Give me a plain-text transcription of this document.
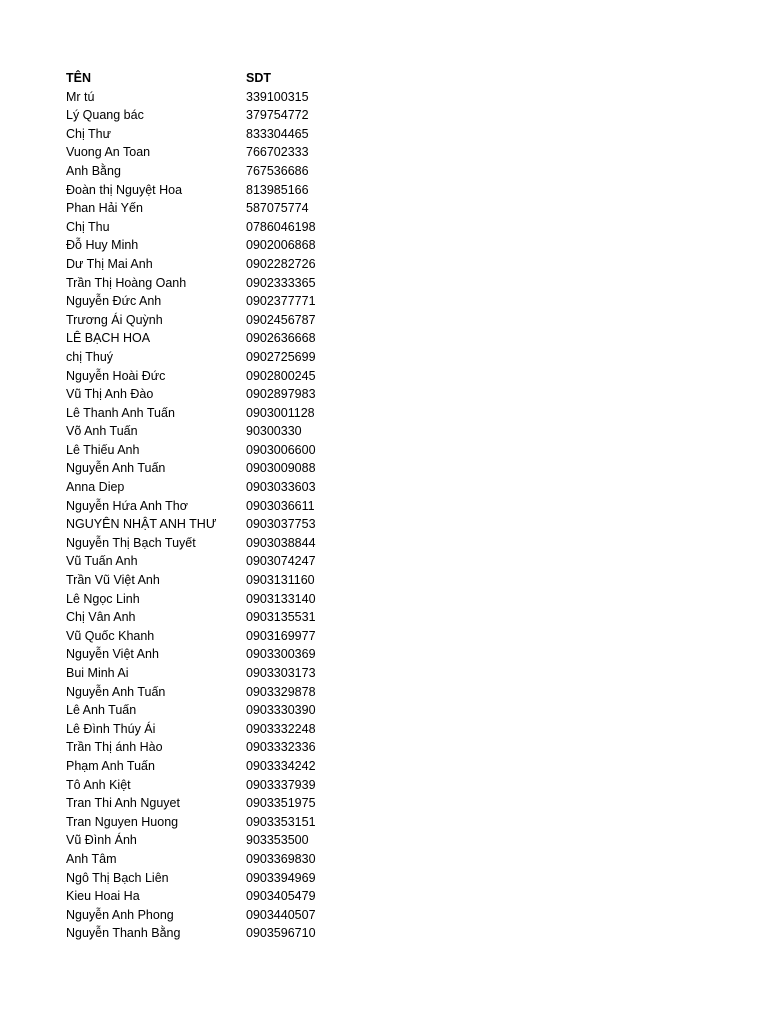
TÊN	SDT
Mr tú	339100315
Lý Quang bác	379754772
Chị Thư	833304465
Vuong An Toan	766702333
Anh Bằng	767536686
Đoàn thị Nguyệt Hoa	813985166
Phan Hải Yến	587075774
Chị Thu	0786046198
Đỗ Huy Minh	0902006868
Dư Thị Mai Anh	0902282726
Trần Thị Hoàng Oanh	0902333365
Nguyễn Đức Anh	0902377771
Trương Ái Quỳnh	0902456787
LÊ BẠCH HOA	0902636668
chị Thuý	0902725699
Nguyễn Hoài Đức	0902800245
Vũ Thị Anh Đào	0902897983
Lê Thanh Anh Tuấn	0903001128
Võ Anh Tuấn	90300330
Lê Thiếu Anh	0903006600
Nguyễn Anh Tuấn	0903009088
Anna Diep	0903033603
Nguyễn Hứa Anh Thơ	0903036611
NGUYÊN NHẬT ANH THƯ	0903037753
Nguyễn Thị Bạch Tuyết	0903038844
Vũ Tuấn Anh	0903074247
Trần Vũ Việt Anh	0903131160
Lê Ngọc Linh	0903133140
Chị Vân Anh	0903135531
Vũ Quốc Khanh	0903169977
Nguyễn Việt Anh	0903300369
Bui Minh Ai	0903303173
Nguyễn Anh Tuấn	0903329878
Lê Anh Tuấn	0903330390
Lê Đình Thúy Ái	0903332248
Trần Thị ánh Hào	0903332336
Phạm Anh Tuấn	0903334242
Tô Anh Kiệt	0903337939
Tran Thi Anh Nguyet	0903351975
Tran Nguyen Huong	0903353151
Vũ Đình Ánh	903353500
Anh Tâm	0903369830
Ngô Thị Bạch Liên	0903394969
Kieu Hoai Ha	0903405479
Nguyễn Anh Phong	0903440507
Nguyễn Thanh Bằng	0903596710
